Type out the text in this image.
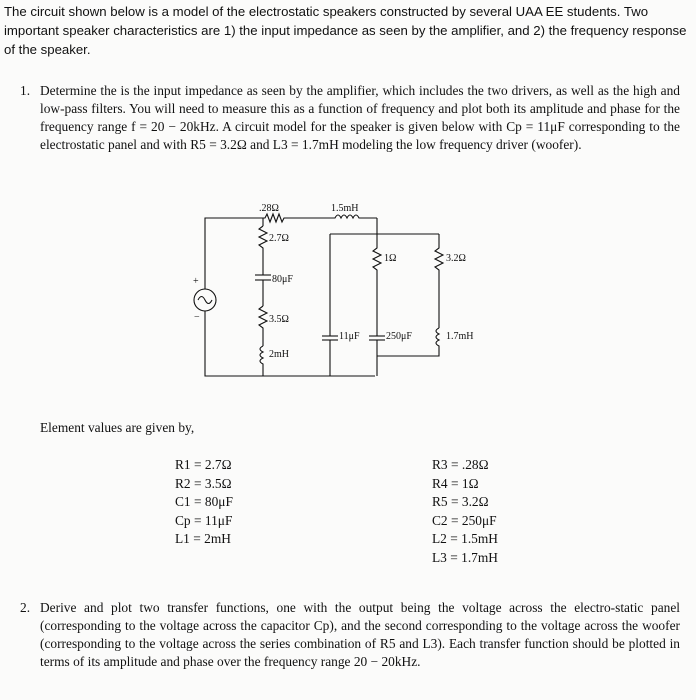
The circuit shown below is a model of the electrostatic speakers constructed by several UAA EE students. Two important speaker characteristics are 1) the input impedance as seen by the amplifier, and 2) the frequency response of the speaker.
1. Determine the is the input impedance as seen by the amplifier, which includes the two drivers, as well as the high and low-pass filters. You will need to measure this as a function of frequency and plot both its amplitude and phase for the frequency range f = 20 − 20kHz. A circuit model for the speaker is given below with Cp = 11μF corresponding to the electrostatic panel and with R5 = 3.2Ω and L3 = 1.7mH modeling the low frequency driver (woofer).
.28Ω	1.5mH
2.7Ω
1Ω	3.2Ω
80μF
3.5Ω
11μF	250μF	1.7mH
2mH
+
−
Element values are given by,
R1 = 2.7Ω
R2 = 3.5Ω
C1 = 80μF
Cp = 11μF
L1 = 2mH
R3 = .28Ω
R4 = 1Ω
R5 = 3.2Ω
C2 = 250μF
L2 = 1.5mH
L3 = 1.7mH
2. Derive and plot two transfer functions, one with the output being the voltage across the electro-static panel (corresponding to the voltage across the capacitor Cp), and the second corresponding to the voltage across the woofer (corresponding to the voltage across the series combination of R5 and L3). Each transfer function should be plotted in terms of its amplitude and phase over the frequency range 20 − 20kHz.
